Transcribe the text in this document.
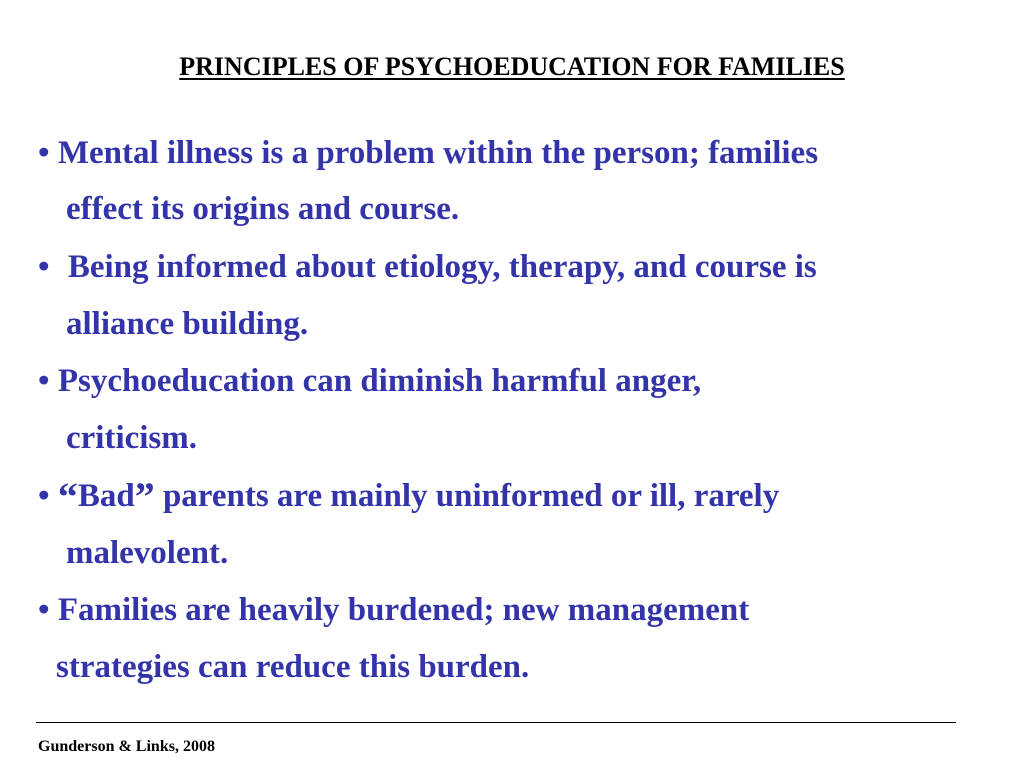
PRINCIPLES OF PSYCHOEDUCATION FOR FAMILIES
• Mental illness is a problem within the person; families
effect its origins and course.
• Being informed about etiology, therapy, and course is
alliance building.
• Psychoeducation can diminish harmful anger,
criticism.
• “Bad” parents are mainly uninformed or ill, rarely
malevolent.
• Families are heavily burdened; new management
strategies can reduce this burden.
Gunderson & Links, 2008
